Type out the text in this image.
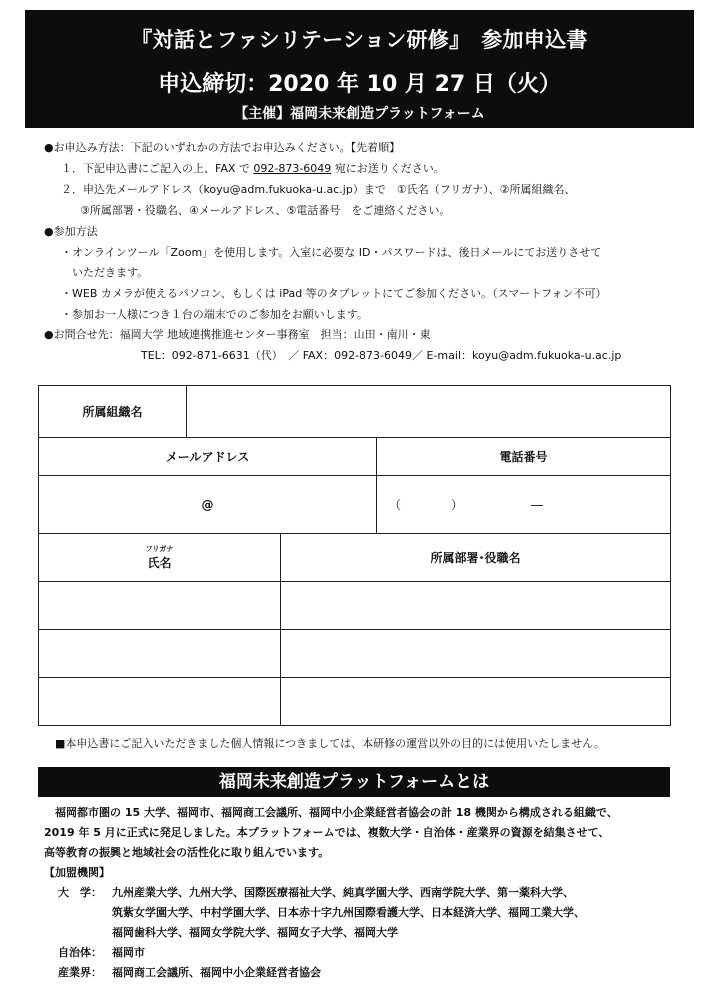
『対話とファシリテーション研修』　参加申込書
申込締切：2020 年 10 月 27 日（火）
【主催】福岡未来創造プラットフォーム
●お申込み方法：下記のいずれかの方法でお申込みください。【先着順】
１．下記申込書にご記入の上、FAX で 092-873-6049 宛にお送りください。
２．申込先メールアドレス（koyu@adm.fukuoka-u.ac.jp）まで　①氏名（フリガナ）、②所属組織名、
③所属部署・役職名、④メールアドレス、⑤電話番号　をご連絡ください。
●参加方法
・オンラインツール「Zoom」を使用します。入室に必要な ID・パスワードは、後日メールにてお送りさせて
いただきます。
・WEB カメラが使えるパソコン、もしくは iPad 等のタブレットにてご参加ください。（スマートフォン不可）
・参加お一人様につき１台の端末でのご参加をお願いします。
●お問合せ先：福岡大学 地域連携推進センター事務室　担当：山田・南川・東
TEL：092-871-6631（代）　／ FAX：092-873-6049／ E-mail：koyu@adm.fukuoka-u.ac.jp
所属組織名			
メールアドレス			電話番号
@			（ ） ―

フリガナ
氏名		所属部署･役職名	

■本申込書にご記入いただきました個人情報につきましては、本研修の運営以外の目的には使用いたしません。
福岡未来創造プラットフォームとは
福岡都市圏の 15 大学、福岡市、福岡商工会議所、福岡中小企業経営者協会の計 18 機関から構成される組織で、
2019 年 5 月に正式に発足しました。本プラットフォームでは、複数大学・自治体・産業界の資源を結集させて、
高等教育の振興と地域社会の活性化に取り組んでいます。
【加盟機関】
大　学： 九州産業大学、九州大学、国際医療福祉大学、純真学園大学、西南学院大学、第一薬科大学、
筑紫女学園大学、中村学園大学、日本赤十字九州国際看護大学、日本経済大学、福岡工業大学、
福岡歯科大学、福岡女学院大学、福岡女子大学、福岡大学
自治体： 福岡市
産業界： 福岡商工会議所、福岡中小企業経営者協会
